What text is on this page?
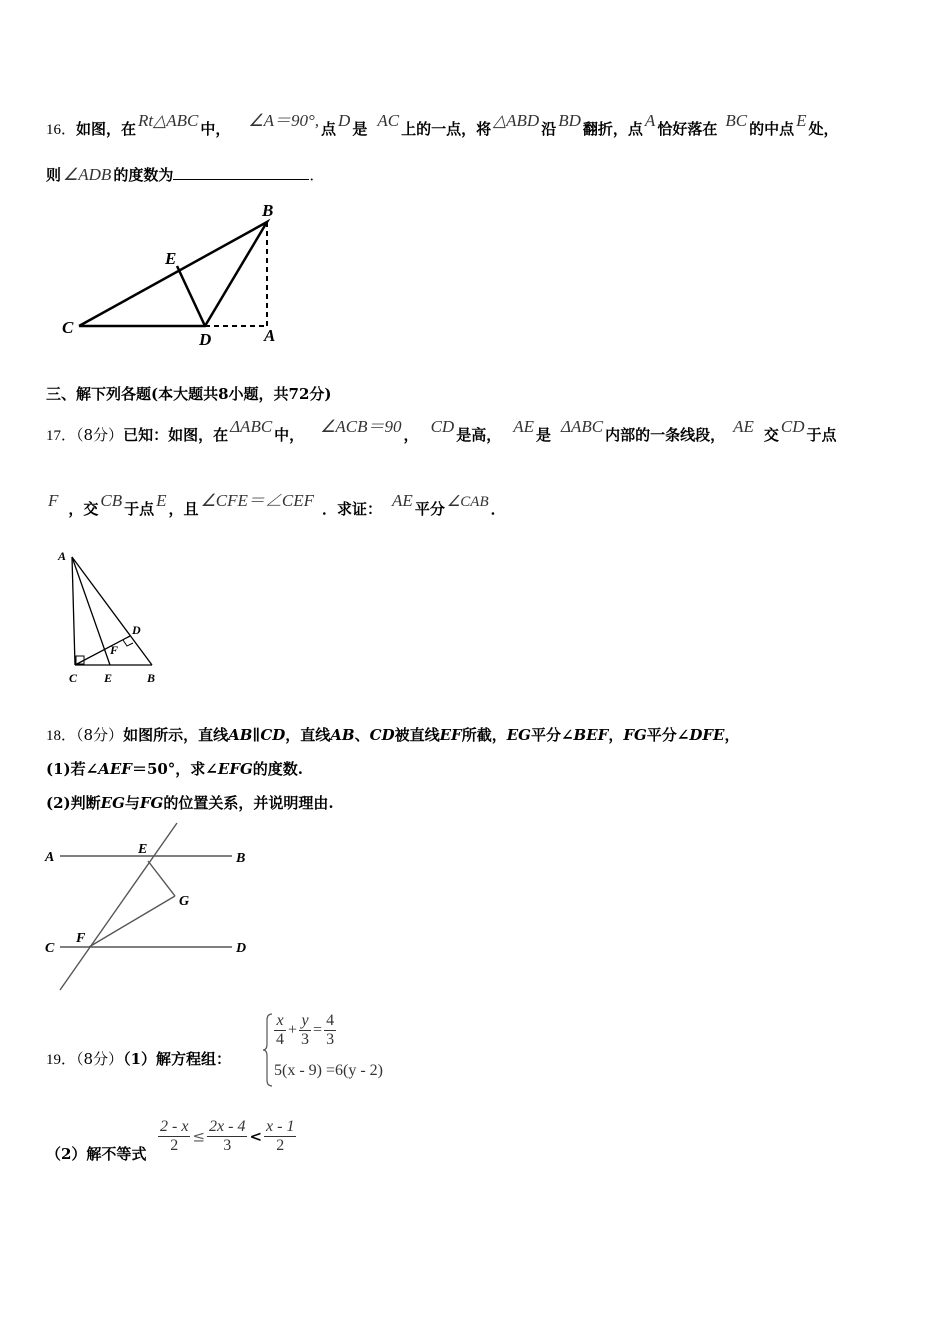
16．如图，在 Rt△ABC 中， ∠A＝90°, 点 D 是 AC 上的一点，将 △ABD 沿 BD 翻折，点 A 恰好落在 BC 的中点 E 处，
则 ∠ADB 的度数为	．
B
E
C
D	A
三、解下列各题(本大题共8小题，共72分)
17．（8分）已知：如图，在 ΔABC 中， ∠ACB＝90 ， CD 是高， AE 是 ΔABC 内部的一条线段， AE 交 CD 于点
F ，交 CB 于点 E ，且 ∠CFE＝∠CEF ．求证： AE 平分 ∠CAB ．
A
D
F
C E	B
18．（8分）如图所示，直线AB∥CD，直线AB、CD被直线EF所截，EG平分∠BEF，FG平分∠DFE，
(1)若∠AEF＝50°，求∠EFG的度数.
(2)判断EG与FG的位置关系，并说明理由.
A
E
B
G
C
F
D
19．（8分）（1）解方程组：
$\frac{x}{4} + \frac{y}{3} = \frac{4}{3}$
5(x - 9) =6(y - 2)
（2）解不等式 $\frac{2 - x}{2} \le \frac{2x - 4}{3} < \frac{x - 1}{2}$
